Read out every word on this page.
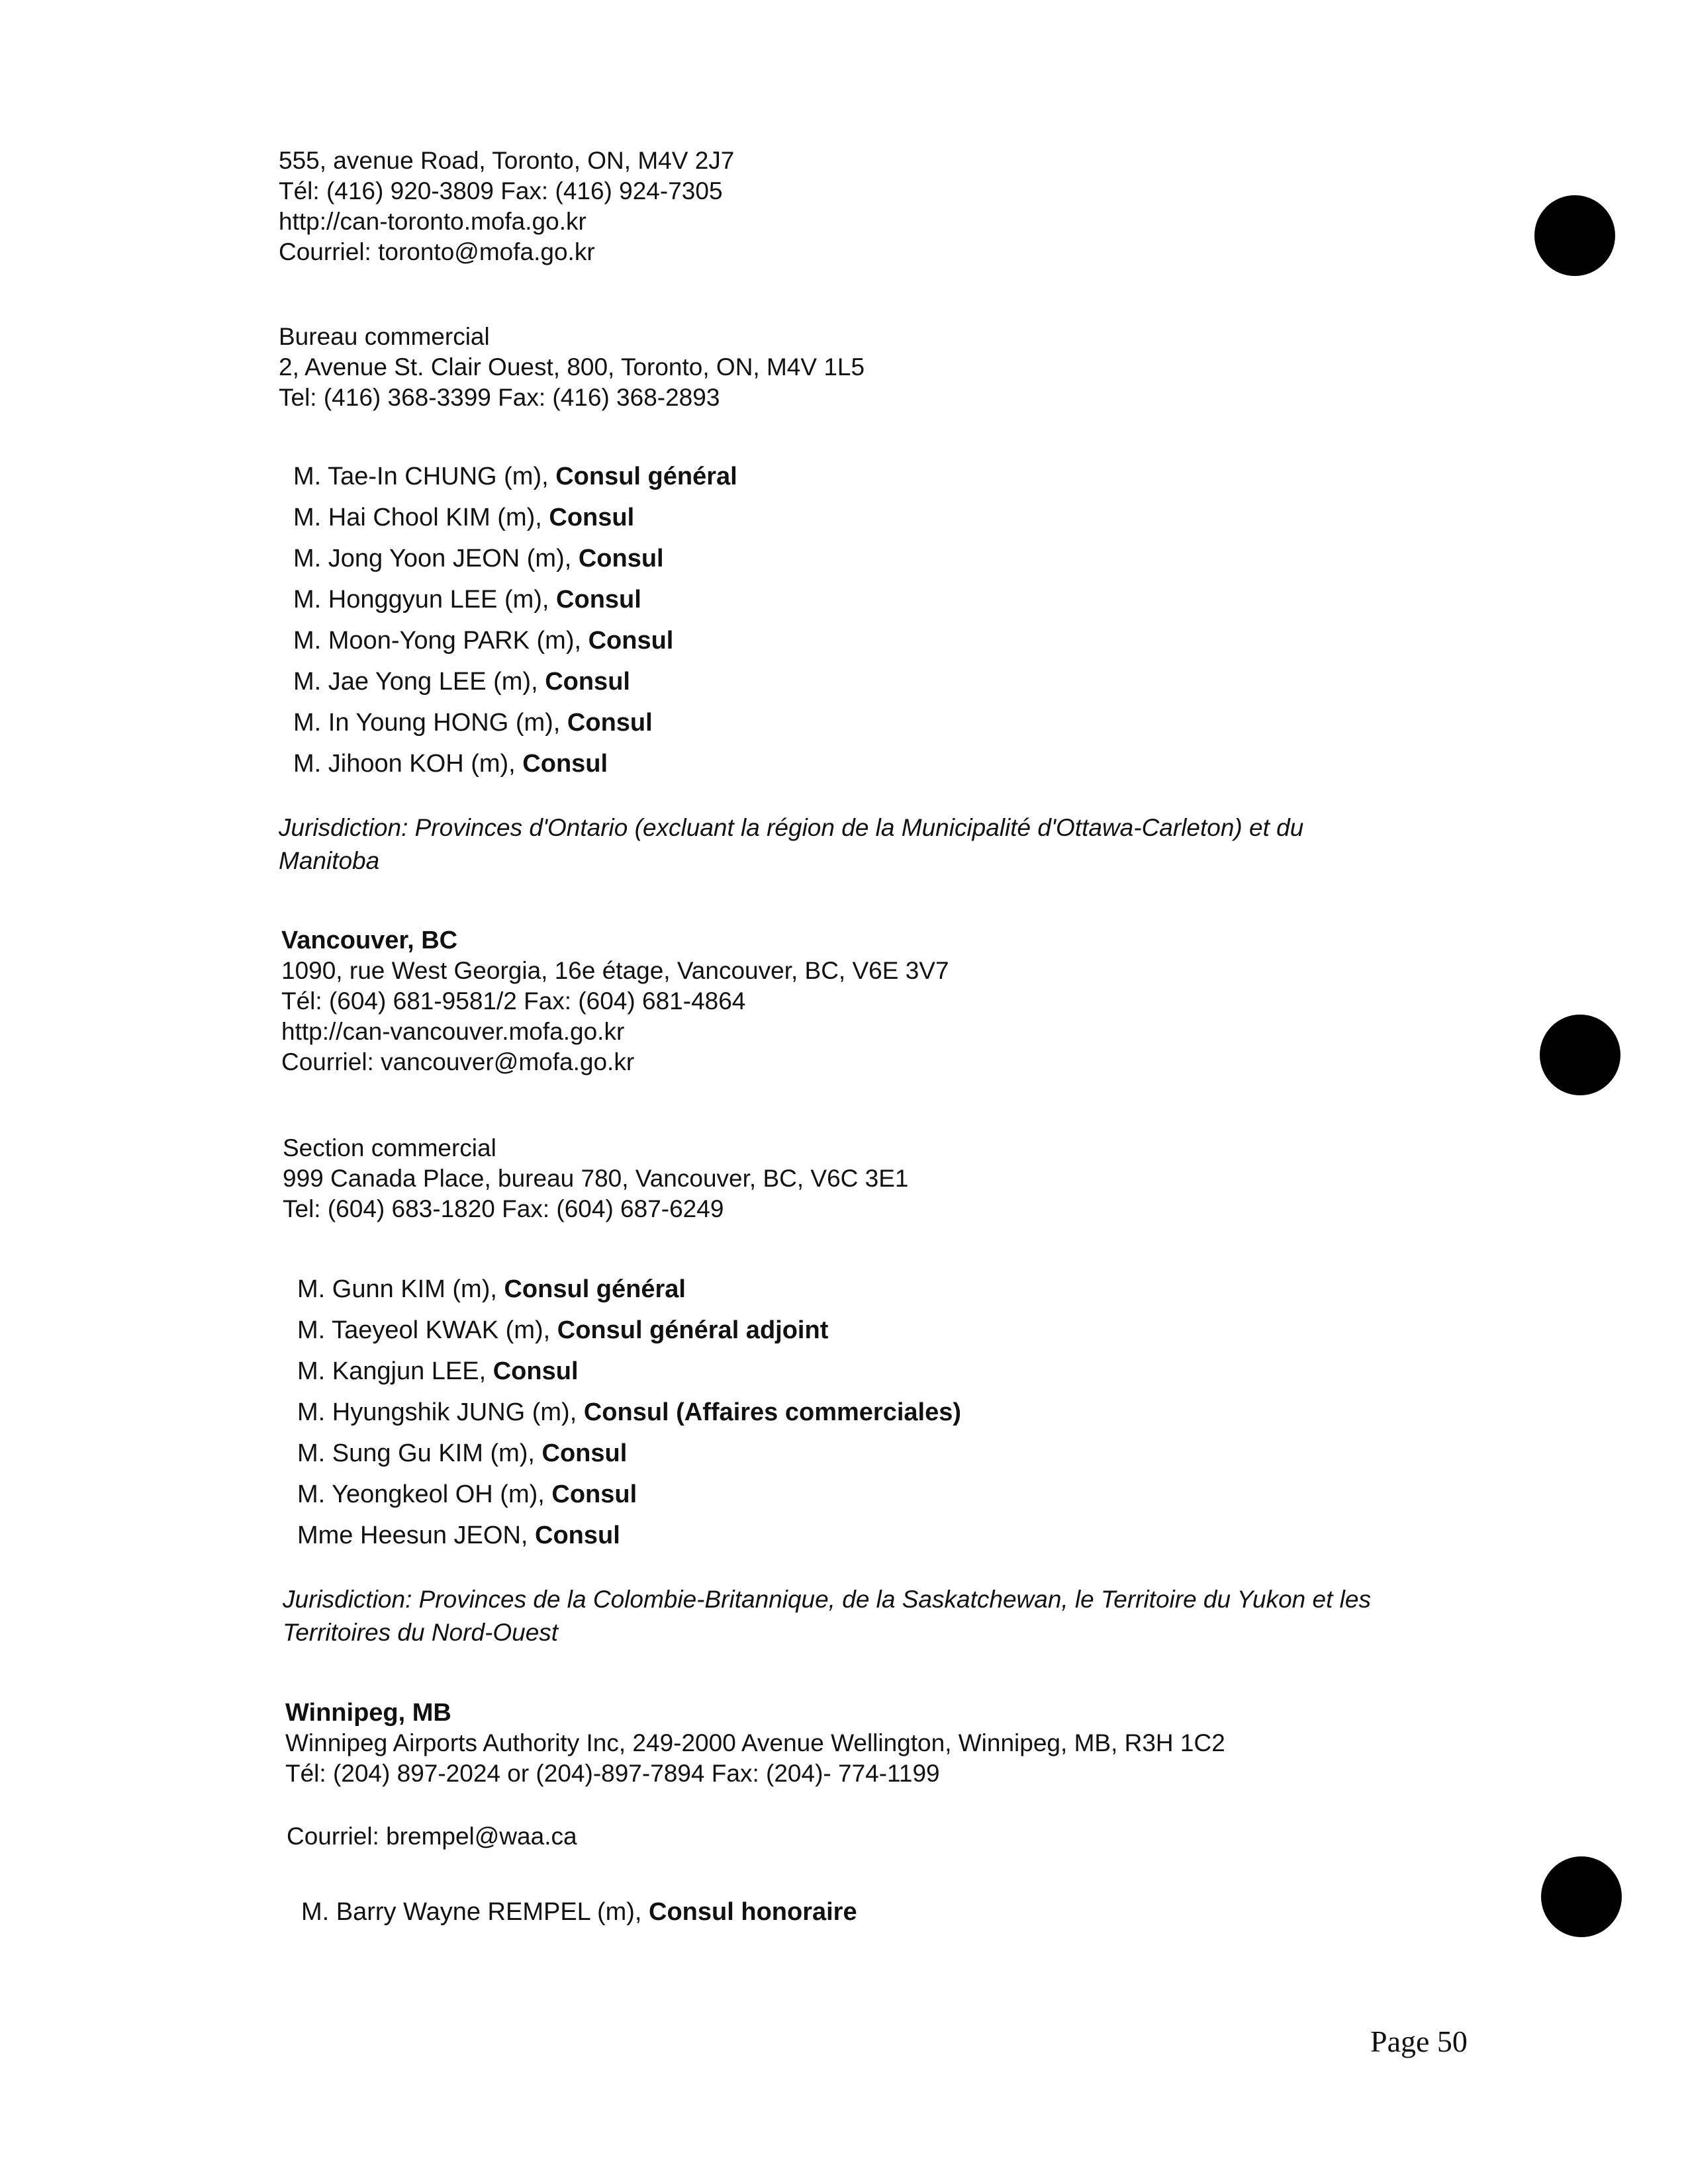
555, avenue Road, Toronto, ON, M4V 2J7
Tél: (416) 920-3809 Fax: (416) 924-7305
http://can-toronto.mofa.go.kr
Courriel: toronto@mofa.go.kr
Bureau commercial
2, Avenue St. Clair Ouest, 800, Toronto, ON, M4V 1L5
Tel: (416) 368-3399 Fax: (416) 368-2893
M. Tae-In CHUNG (m), Consul général
M. Hai Chool KIM (m), Consul
M. Jong Yoon JEON (m), Consul
M. Honggyun LEE (m), Consul
M. Moon-Yong PARK (m), Consul
M. Jae Yong LEE (m), Consul
M. In Young HONG (m), Consul
M. Jihoon KOH (m), Consul
Jurisdiction: Provinces d'Ontario (excluant la région de la Municipalité d'Ottawa-Carleton) et du Manitoba
Vancouver, BC
1090, rue West Georgia, 16e étage, Vancouver, BC, V6E 3V7
Tél: (604) 681-9581/2 Fax: (604) 681-4864
http://can-vancouver.mofa.go.kr
Courriel: vancouver@mofa.go.kr
Section commercial
999 Canada Place, bureau 780, Vancouver, BC, V6C 3E1
Tel: (604) 683-1820 Fax: (604) 687-6249
M. Gunn KIM (m), Consul général
M. Taeyeol KWAK (m), Consul général adjoint
M. Kangjun LEE, Consul
M. Hyungshik JUNG (m), Consul (Affaires commerciales)
M. Sung Gu KIM (m), Consul
M. Yeongkeol OH (m), Consul
Mme Heesun JEON, Consul
Jurisdiction: Provinces de la Colombie-Britannique, de la Saskatchewan, le Territoire du Yukon et les Territoires du Nord-Ouest
Winnipeg, MB
Winnipeg Airports Authority Inc, 249-2000 Avenue Wellington, Winnipeg, MB, R3H 1C2
Tél: (204) 897-2024 or (204)-897-7894 Fax: (204)- 774-1199
Courriel: brempel@waa.ca
M. Barry Wayne REMPEL (m), Consul honoraire
Page 50
